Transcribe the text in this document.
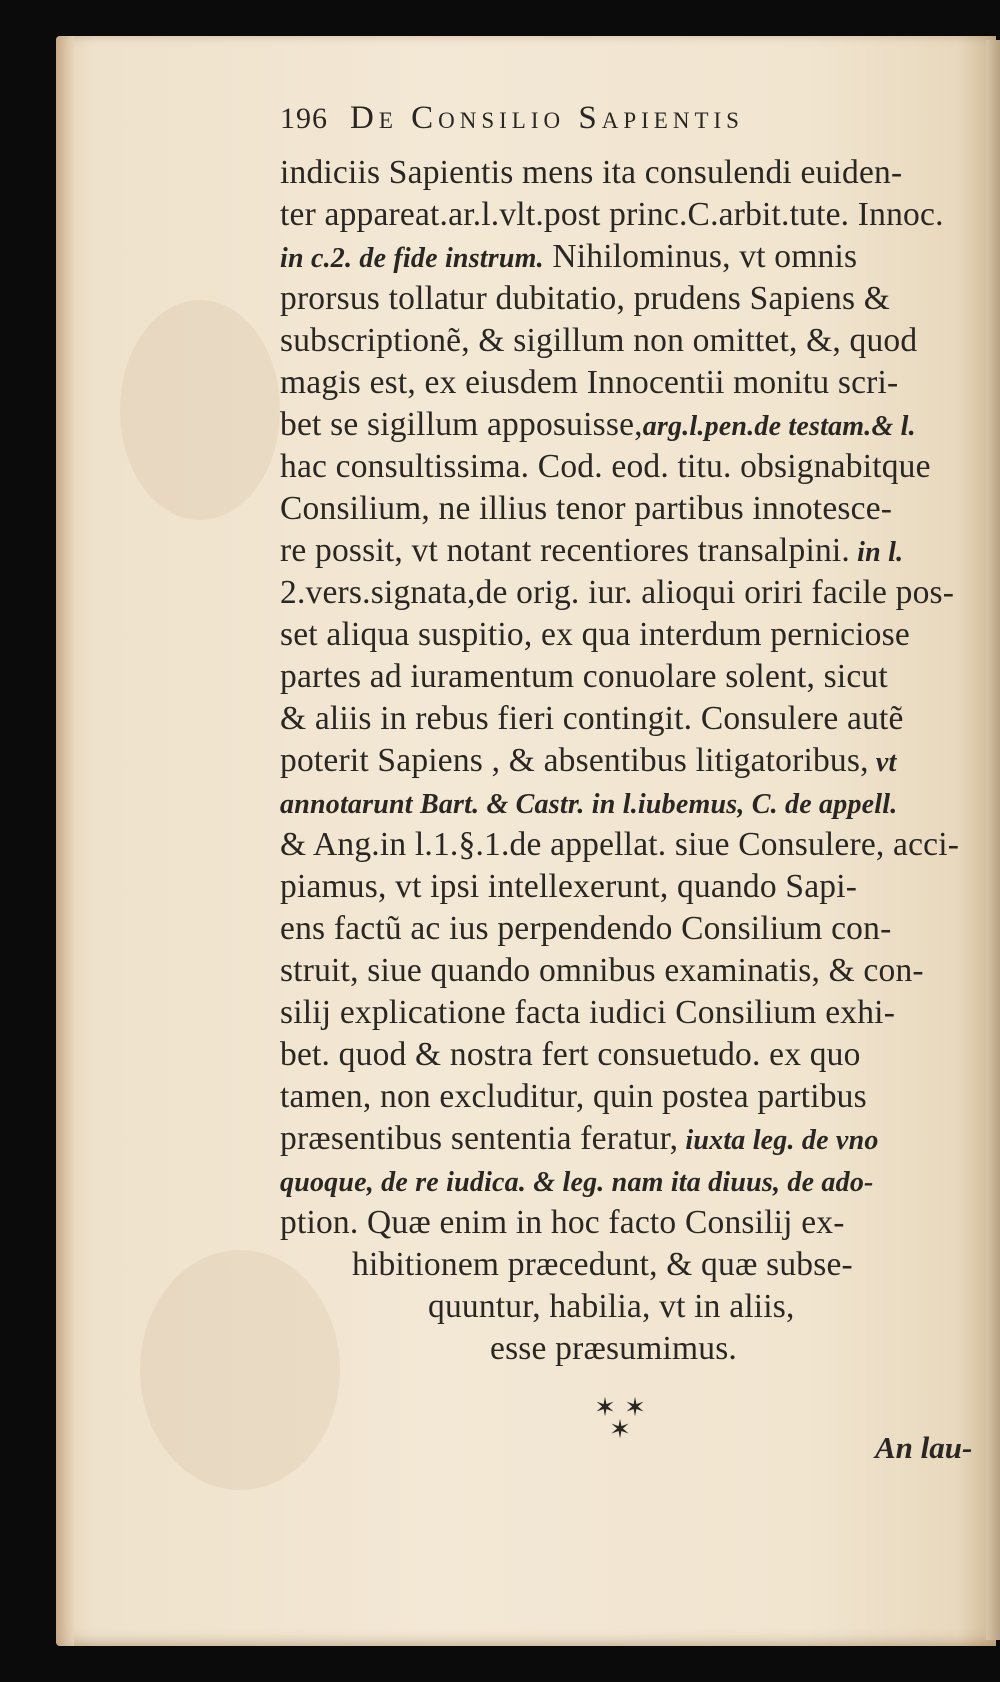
196 De Consilio Sapientis
indiciis Sapientis mens ita consulendi euiden-
ter appareat.ar.l.vlt.post princ.C.arbit.tute. Innoc.
in c.2. de fide instrum. Nihilominus, vt omnis
prorsus tollatur dubitatio, prudens Sapiens &
subscriptionẽ, & sigillum non omittet, &, quod
magis est, ex eiusdem Innocentii monitu scri-
bet se sigillum apposuisse,arg.l.pen.de testam.& l.
hac consultissima. Cod. eod. titu. obsignabitque
Consilium, ne illius tenor partibus innotesce-
re possit, vt notant recentiores transalpini. in l.
2.vers.signata,de orig. iur. alioqui oriri facile pos-
set aliqua suspitio, ex qua interdum perniciose
partes ad iuramentum conuolare solent, sicut
& aliis in rebus fieri contingit. Consulere autẽ
poterit Sapiens , & absentibus litigatoribus, vt
annotarunt Bart. & Castr. in l.iubemus, C. de appell.
& Ang.in l.1.§.1.de appellat. siue Consulere, acci-
piamus, vt ipsi intellexerunt, quando Sapi-
ens factũ ac ius perpendendo Consilium con-
struit, siue quando omnibus examinatis, & con-
silij explicatione facta iudici Consilium exhi-
bet. quod & nostra fert consuetudo. ex quo
tamen, non excluditur, quin postea partibus
præsentibus sententia feratur, iuxta leg. de vno
quoque, de re iudica. & leg. nam ita diuus, de ado-
ption. Quæ enim in hoc facto Consilij ex-
hibitionem præcedunt, & quæ subse-
quuntur, habilia, vt in aliis,
esse præsumimus.
✶ ✶
✶	An lau-
